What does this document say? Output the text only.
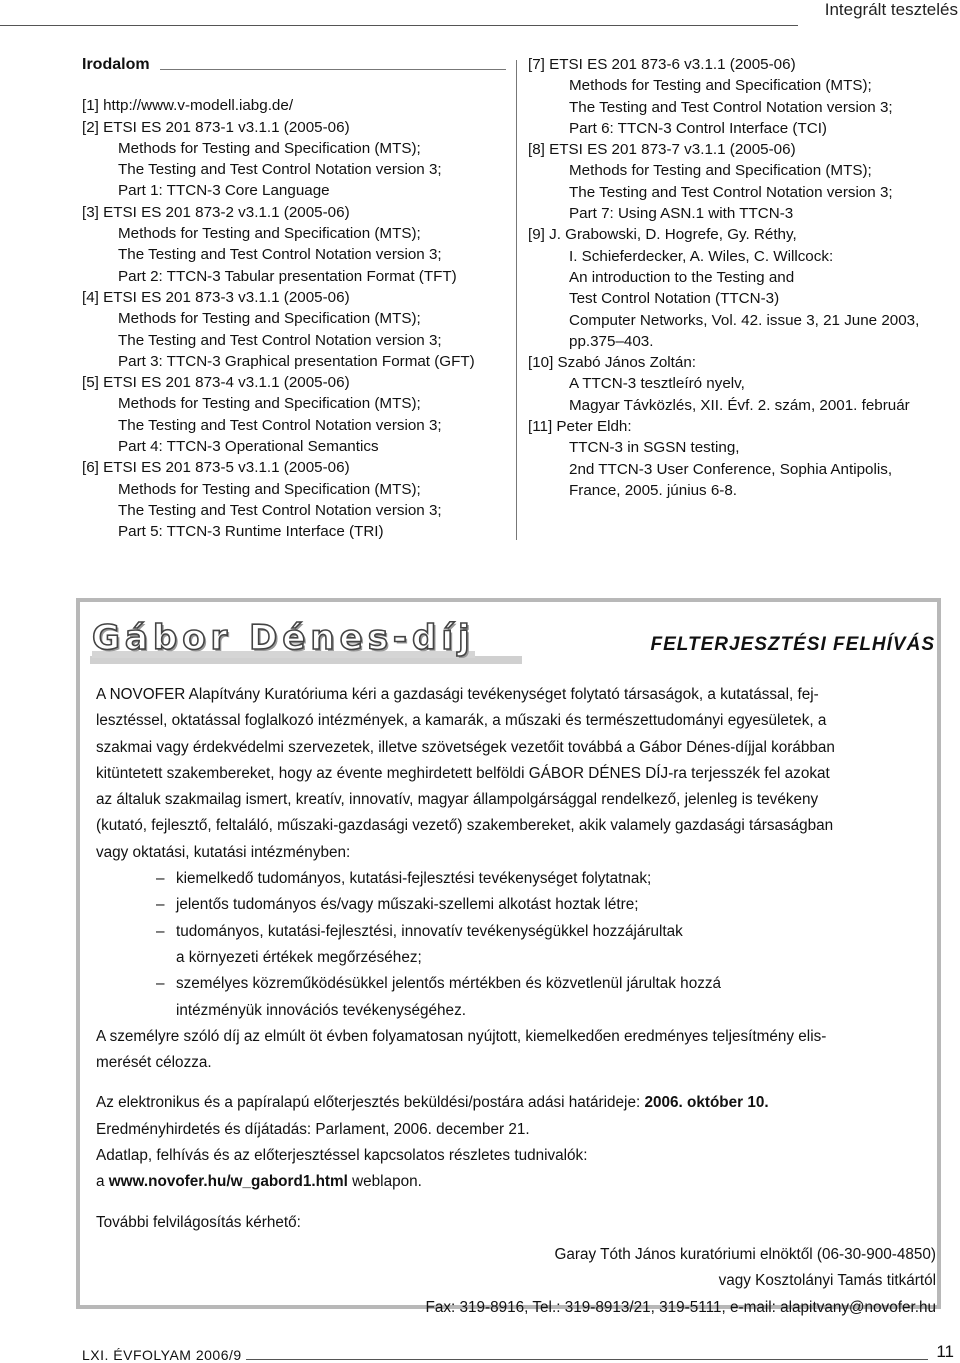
Integrált tesztelés
Irodalom
[1] http://www.v-modell.iabg.de/
[2] ETSI ES 201 873-1 v3.1.1 (2005-06)
Methods for Testing and Specification (MTS);
The Testing and Test Control Notation version 3;
Part 1: TTCN-3 Core Language
[3] ETSI ES 201 873-2 v3.1.1 (2005-06)
Methods for Testing and Specification (MTS);
The Testing and Test Control Notation version 3;
Part 2: TTCN-3 Tabular presentation Format (TFT)
[4] ETSI ES 201 873-3 v3.1.1 (2005-06)
Methods for Testing and Specification (MTS);
The Testing and Test Control Notation version 3;
Part 3: TTCN-3 Graphical presentation Format (GFT)
[5] ETSI ES 201 873-4 v3.1.1 (2005-06)
Methods for Testing and Specification (MTS);
The Testing and Test Control Notation version 3;
Part 4: TTCN-3 Operational Semantics
[6] ETSI ES 201 873-5 v3.1.1 (2005-06)
Methods for Testing and Specification (MTS);
The Testing and Test Control Notation version 3;
Part 5: TTCN-3 Runtime Interface (TRI)
[7] ETSI ES 201 873-6 v3.1.1 (2005-06)
Methods for Testing and Specification (MTS);
The Testing and Test Control Notation version 3;
Part 6: TTCN-3 Control Interface (TCI)
[8] ETSI ES 201 873-7 v3.1.1 (2005-06)
Methods for Testing and Specification (MTS);
The Testing and Test Control Notation version 3;
Part 7: Using ASN.1 with TTCN-3
[9] J. Grabowski, D. Hogrefe, Gy. Réthy,
I. Schieferdecker, A. Wiles, C. Willcock:
An introduction to the Testing and
Test Control Notation (TTCN-3)
Computer Networks, Vol. 42. issue 3, 21 June 2003,
pp.375–403.
[10] Szabó János Zoltán:
A TTCN-3 tesztleíró nyelv,
Magyar Távközlés, XII. Évf. 2. szám, 2001. február
[11] Peter Eldh:
TTCN-3 in SGSN testing,
2nd TTCN-3 User Conference, Sophia Antipolis,
France, 2005. június 6-8.
Gábor Dénes-díj	FELTERJESZTÉSI FELHÍVÁS

A NOVOFER Alapítvány Kuratóriuma kéri a gazdasági tevékenységet folytató társaságok, a kutatással, fej-
lesztéssel, oktatással foglalkozó intézmények, a kamarák, a műszaki és természettudományi egyesületek, a
szakmai vagy érdekvédelmi szervezetek, illetve szövetségek vezetőit továbbá a Gábor Dénes-díjjal korábban
kitüntetett szakembereket, hogy az évente meghirdetett belföldi GÁBOR DÉNES DÍJ-ra terjesszék fel azokat
az általuk szakmailag ismert, kreatív, innovatív, magyar állampolgársággal rendelkező, jelenleg is tevékeny
(kutató, fejlesztő, feltaláló, műszaki-gazdasági vezető) szakembereket, akik valamely gazdasági társaságban
vagy oktatási, kutatási intézményben:

– kiemelkedő tudományos, kutatási-fejlesztési tevékenységet folytatnak;
– jelentős tudományos és/vagy műszaki-szellemi alkotást hoztak létre;
– tudományos, kutatási-fejlesztési, innovatív tevékenységükkel hozzájárultak
a környezeti értékek megőrzéséhez;
– személyes közreműködésükkel jelentős mértékben és közvetlenül járultak hozzá
intézményük innovációs tevékenységéhez.

A személyre szóló díj az elmúlt öt évben folyamatosan nyújtott, kiemelkedően eredményes teljesítmény elis-
merését célozza.

Az elektronikus és a papíralapú előterjesztés beküldési/postára adási határideje: 2006. október 10.

Eredményhirdetés és díjátadás: Parlament, 2006. december 21.

Adatlap, felhívás és az előterjesztéssel kapcsolatos részletes tudnivalók:

a www.novofer.hu/w_gabord1.html weblapon.

További felvilágosítás kérhető:

Garay Tóth János kuratóriumi elnöktől (06-30-900-4850)
vagy Kosztolányi Tamás titkártól
Fax: 319-8916, Tel.: 319-8913/21, 319-5111, e-mail: alapitvany@novofer.hu
LXI. ÉVFOLYAM 2006/9	11
